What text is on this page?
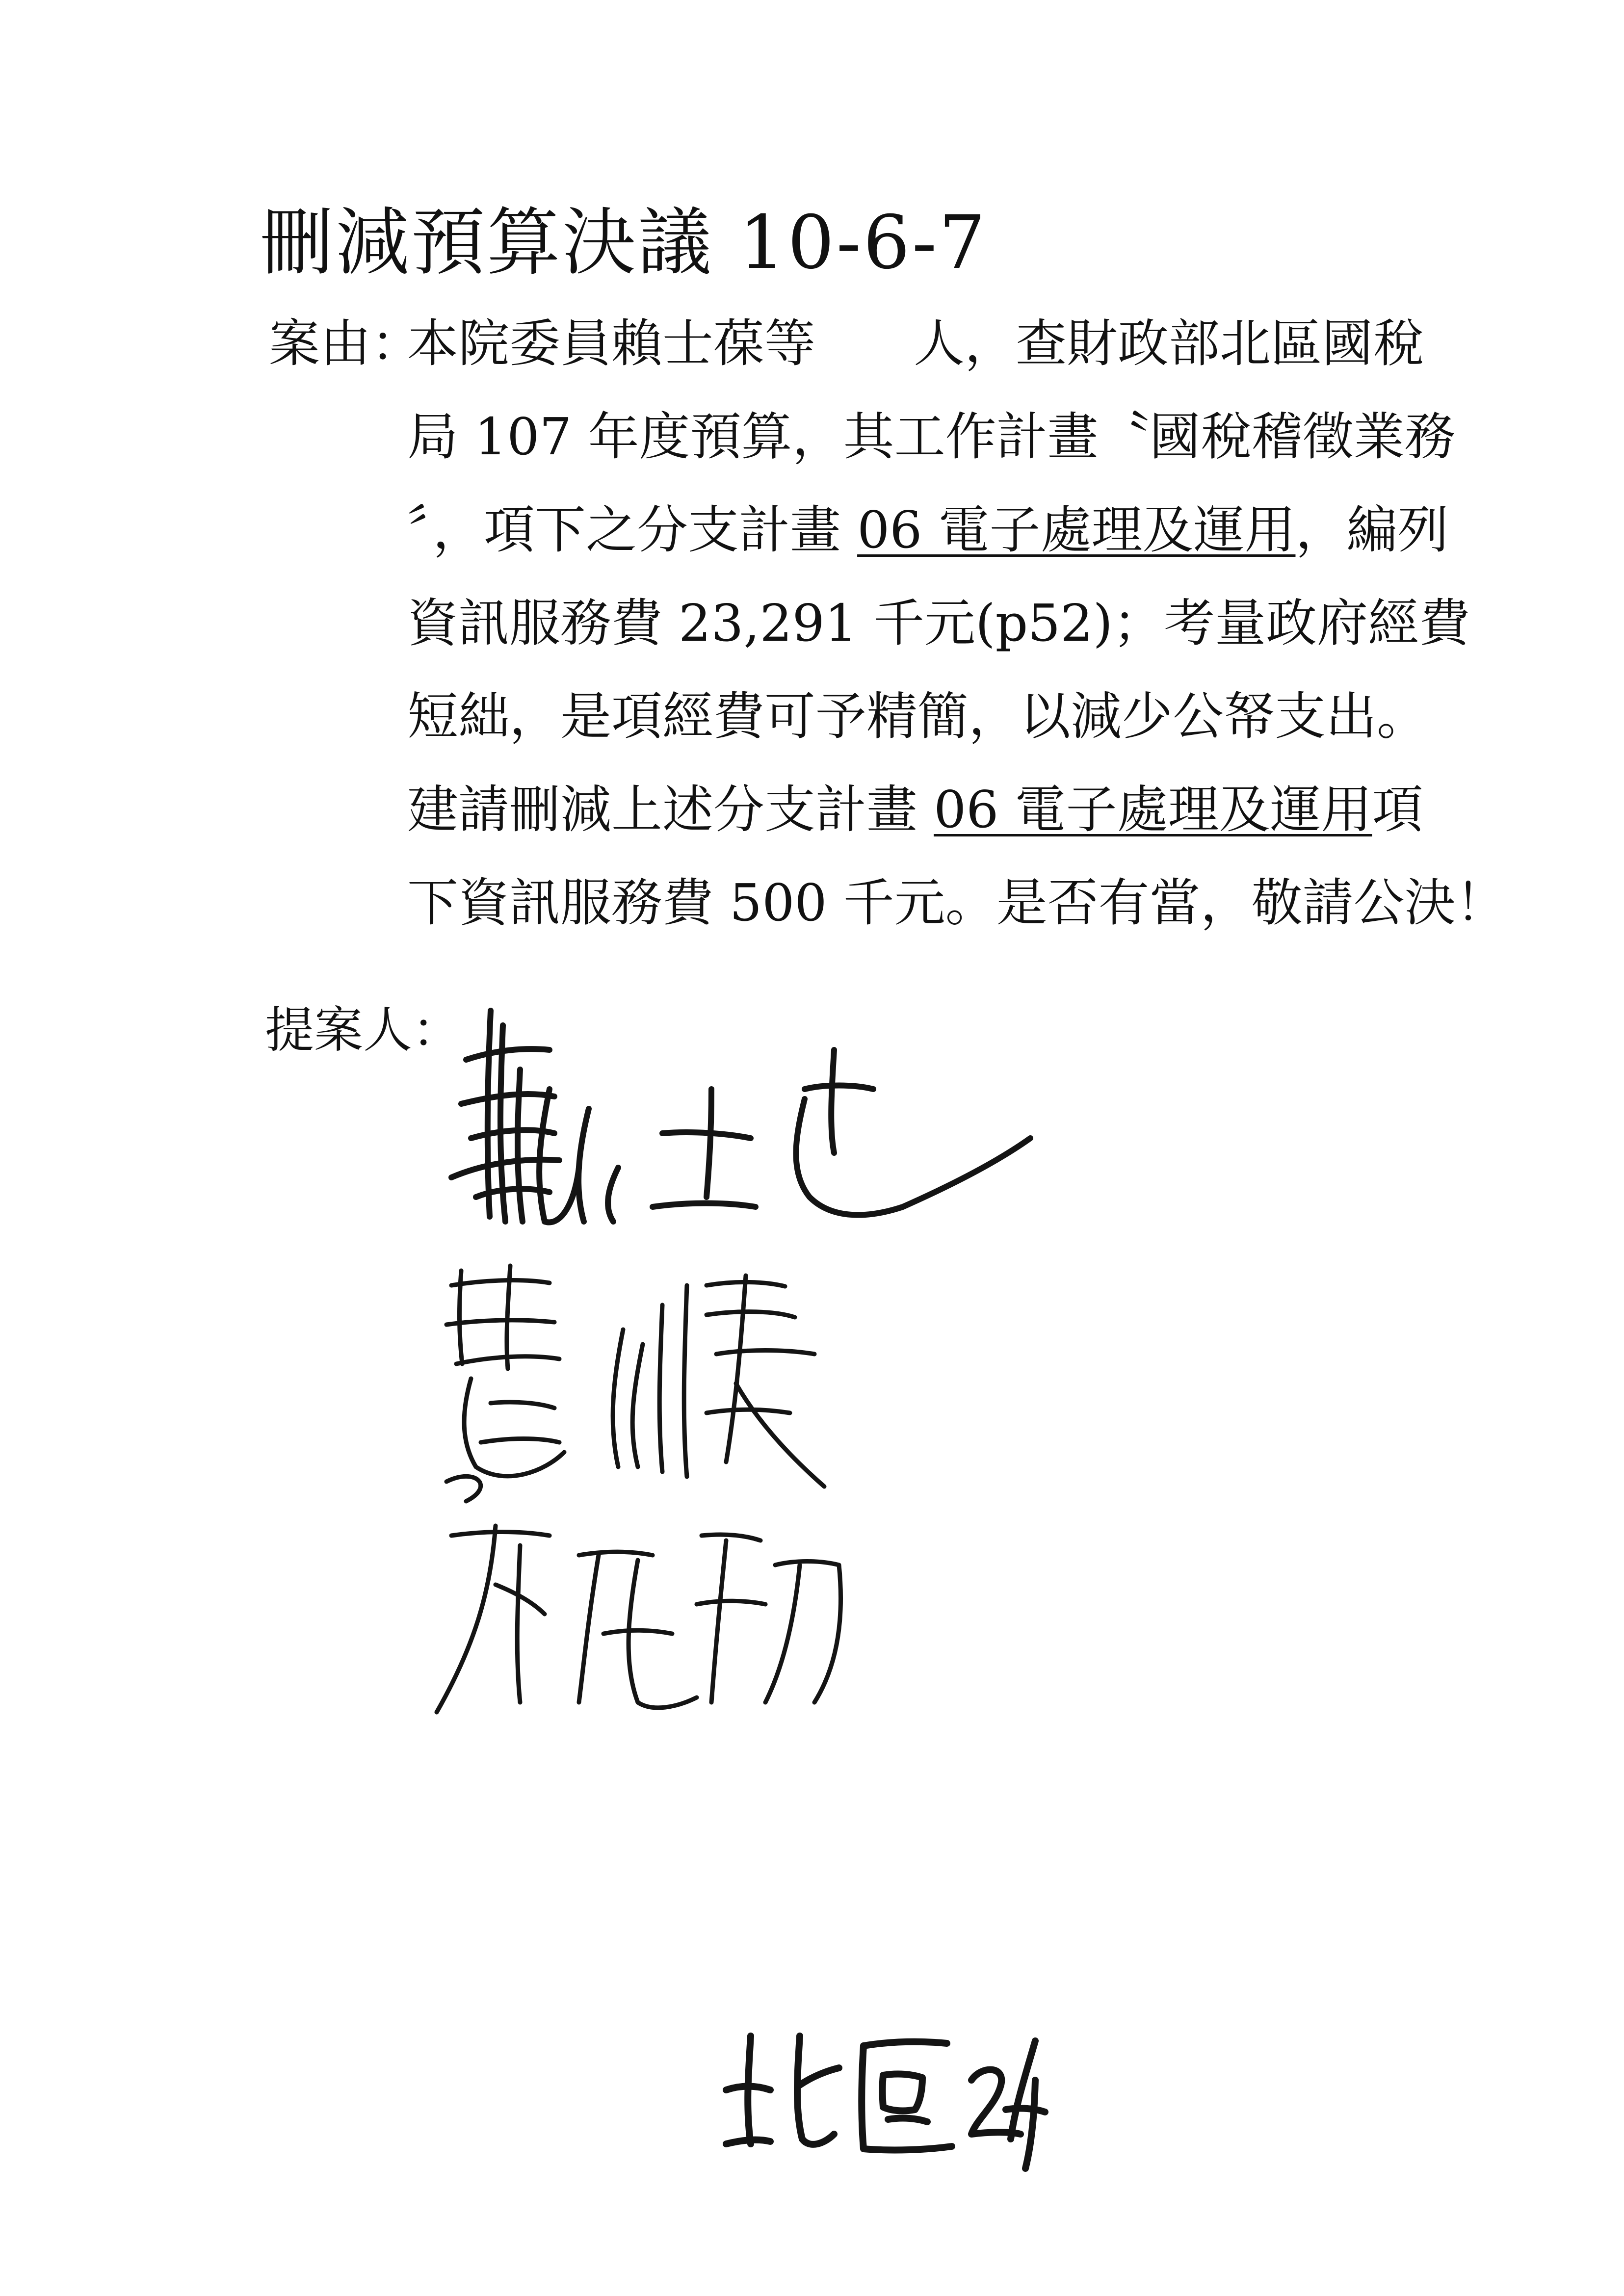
刪減預算決議 10-6-7
案由：
本院委員賴士葆等 人，查財政部北區國稅
局 107 年度預算，其工作計畫〝國稅稽徵業務
〞，項下之分支計畫 06 電子處理及運用，編列
資訊服務費 23,291 千元(p52)；考量政府經費
短絀，是項經費可予精簡，以減少公帑支出。
建請刪減上述分支計畫 06 電子處理及運用項
下資訊服務費 500 千元。是否有當，敬請公決！
提案人：
